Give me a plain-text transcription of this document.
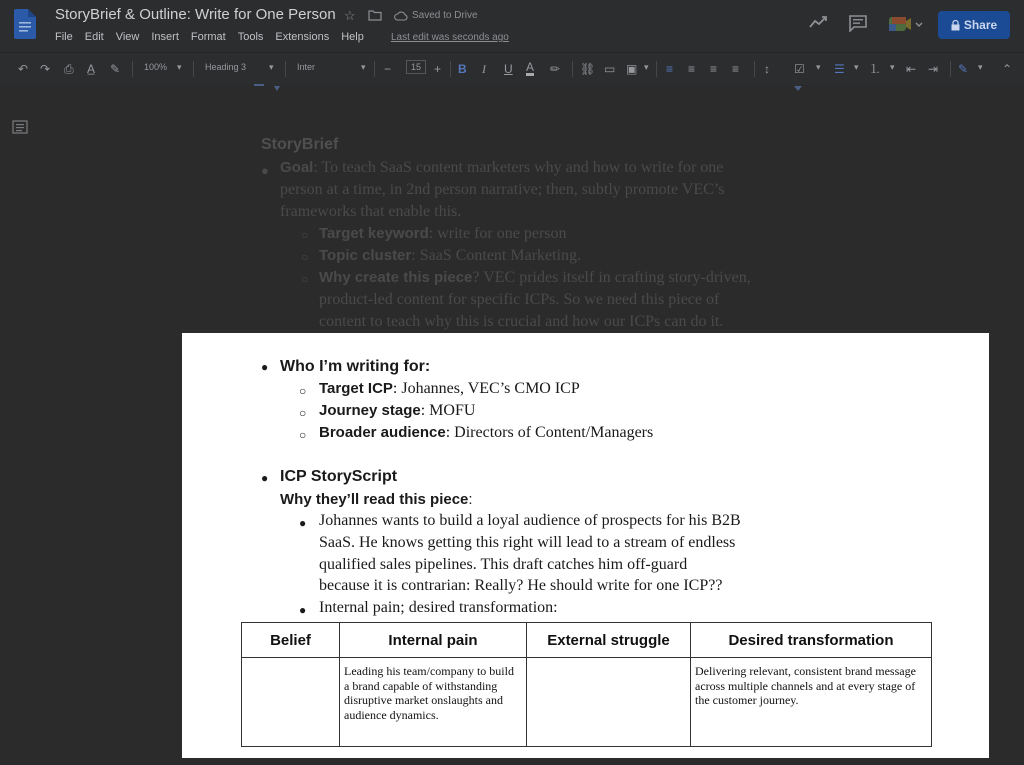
StoryBrief & Outline: Write for One Person ☆	Saved to Drive
File Edit View Insert Format Tools Extensions Help	Last edit was seconds ago
Share
↶ ↷ ⎙ A̲ ✎	100% ▾	Heading 3	▾	Inter	▾ −	15	+ B I U A ✏ ⛓ ▭ ▣ ▾ ≡ ≡ ≡ ≡ ↕ ☑ ▾ ☰ ▾ ⒈ ▾ ⇤ ⇥ ✎ ▾ ⌃
StoryBrief
● Goal: To teach SaaS content marketers why and how to write for one
person at a time, in 2nd person narrative; then, subtly promote VEC’s
frameworks that enable this.
○ Target keyword: write for one person
○ Topic cluster: SaaS Content Marketing.
○ Why create this piece? VEC prides itself in crafting story-driven,
product-led content for specific ICPs. So we need this piece of
content to teach why this is crucial and how our ICPs can do it.
● Who I’m writing for:
○ Target ICP: Johannes, VEC’s CMO ICP
○ Journey stage: MOFU
○ Broader audience: Directors of Content/Managers
● ICP StoryScript
Why they’ll read this piece:
● Johannes wants to build a loyal audience of prospects for his B2B
SaaS. He knows getting this right will lead to a stream of endless
qualified sales pipelines. This draft catches him off-guard
because it is contrarian: Really? He should write for one ICP??
● Internal pain; desired transformation:
Belief	Internal pain	External struggle	Desired transformation
	Leading his team/company to build a brand capable of withstanding disruptive market onslaughts and audience dynamics.		Delivering relevant, consistent brand message across multiple channels and at every stage of the customer journey.
